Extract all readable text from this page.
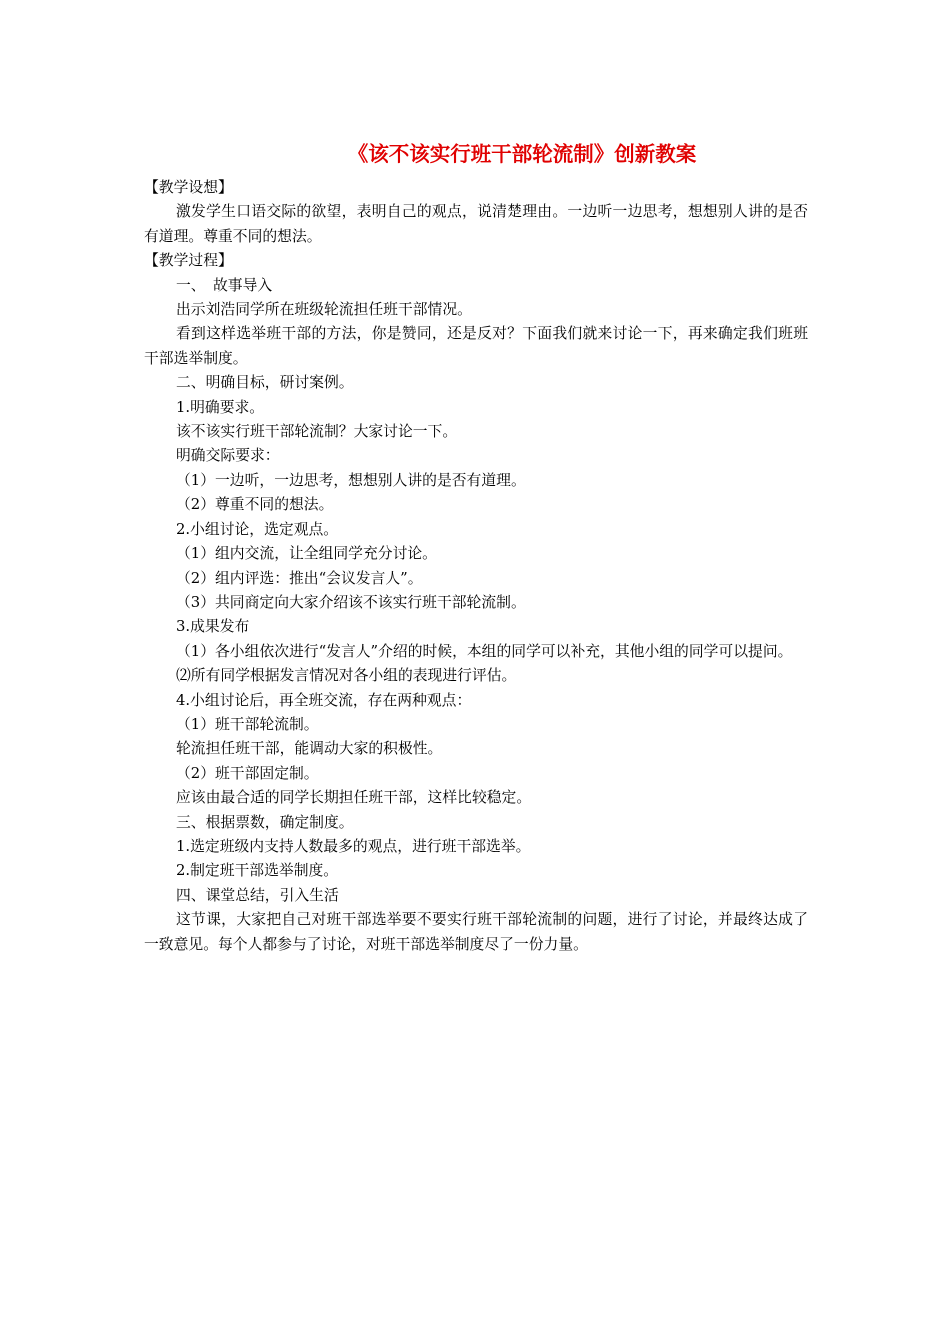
《该不该实行班干部轮流制》创新教案

【教学设想】

激发学生口语交际的欲望，表明自己的观点，说清楚理由。一边听一边思考，想想别人讲的是否有道理。尊重不同的想法。

【教学过程】

一、　故事导入

出示刘浩同学所在班级轮流担任班干部情况。

看到这样选举班干部的方法，你是赞同，还是反对？下面我们就来讨论一下，再来确定我们班班干部选举制度。

二、明确目标，研讨案例。

1.明确要求。

该不该实行班干部轮流制？大家讨论一下。

明确交际要求：

（1）一边听，一边思考，想想别人讲的是否有道理。

（2）尊重不同的想法。

2.小组讨论，选定观点。

（1）组内交流，让全组同学充分讨论。

（2）组内评选：推出“会议发言人”。

（3）共同商定向大家介绍该不该实行班干部轮流制。

3.成果发布

（1）各小组依次进行“发言人”介绍的时候，本组的同学可以补充，其他小组的同学可以提问。

⑵所有同学根据发言情况对各小组的表现进行评估。

4.小组讨论后，再全班交流，存在两种观点：

（1）班干部轮流制。

轮流担任班干部，能调动大家的积极性。

（2）班干部固定制。

应该由最合适的同学长期担任班干部，这样比较稳定。

三、根据票数，确定制度。

1.选定班级内支持人数最多的观点，进行班干部选举。

2.制定班干部选举制度。

四、课堂总结，引入生活

这节课，大家把自己对班干部选举要不要实行班干部轮流制的问题，进行了讨论，并最终达成了一致意见。每个人都参与了讨论，对班干部选举制度尽了一份力量。
